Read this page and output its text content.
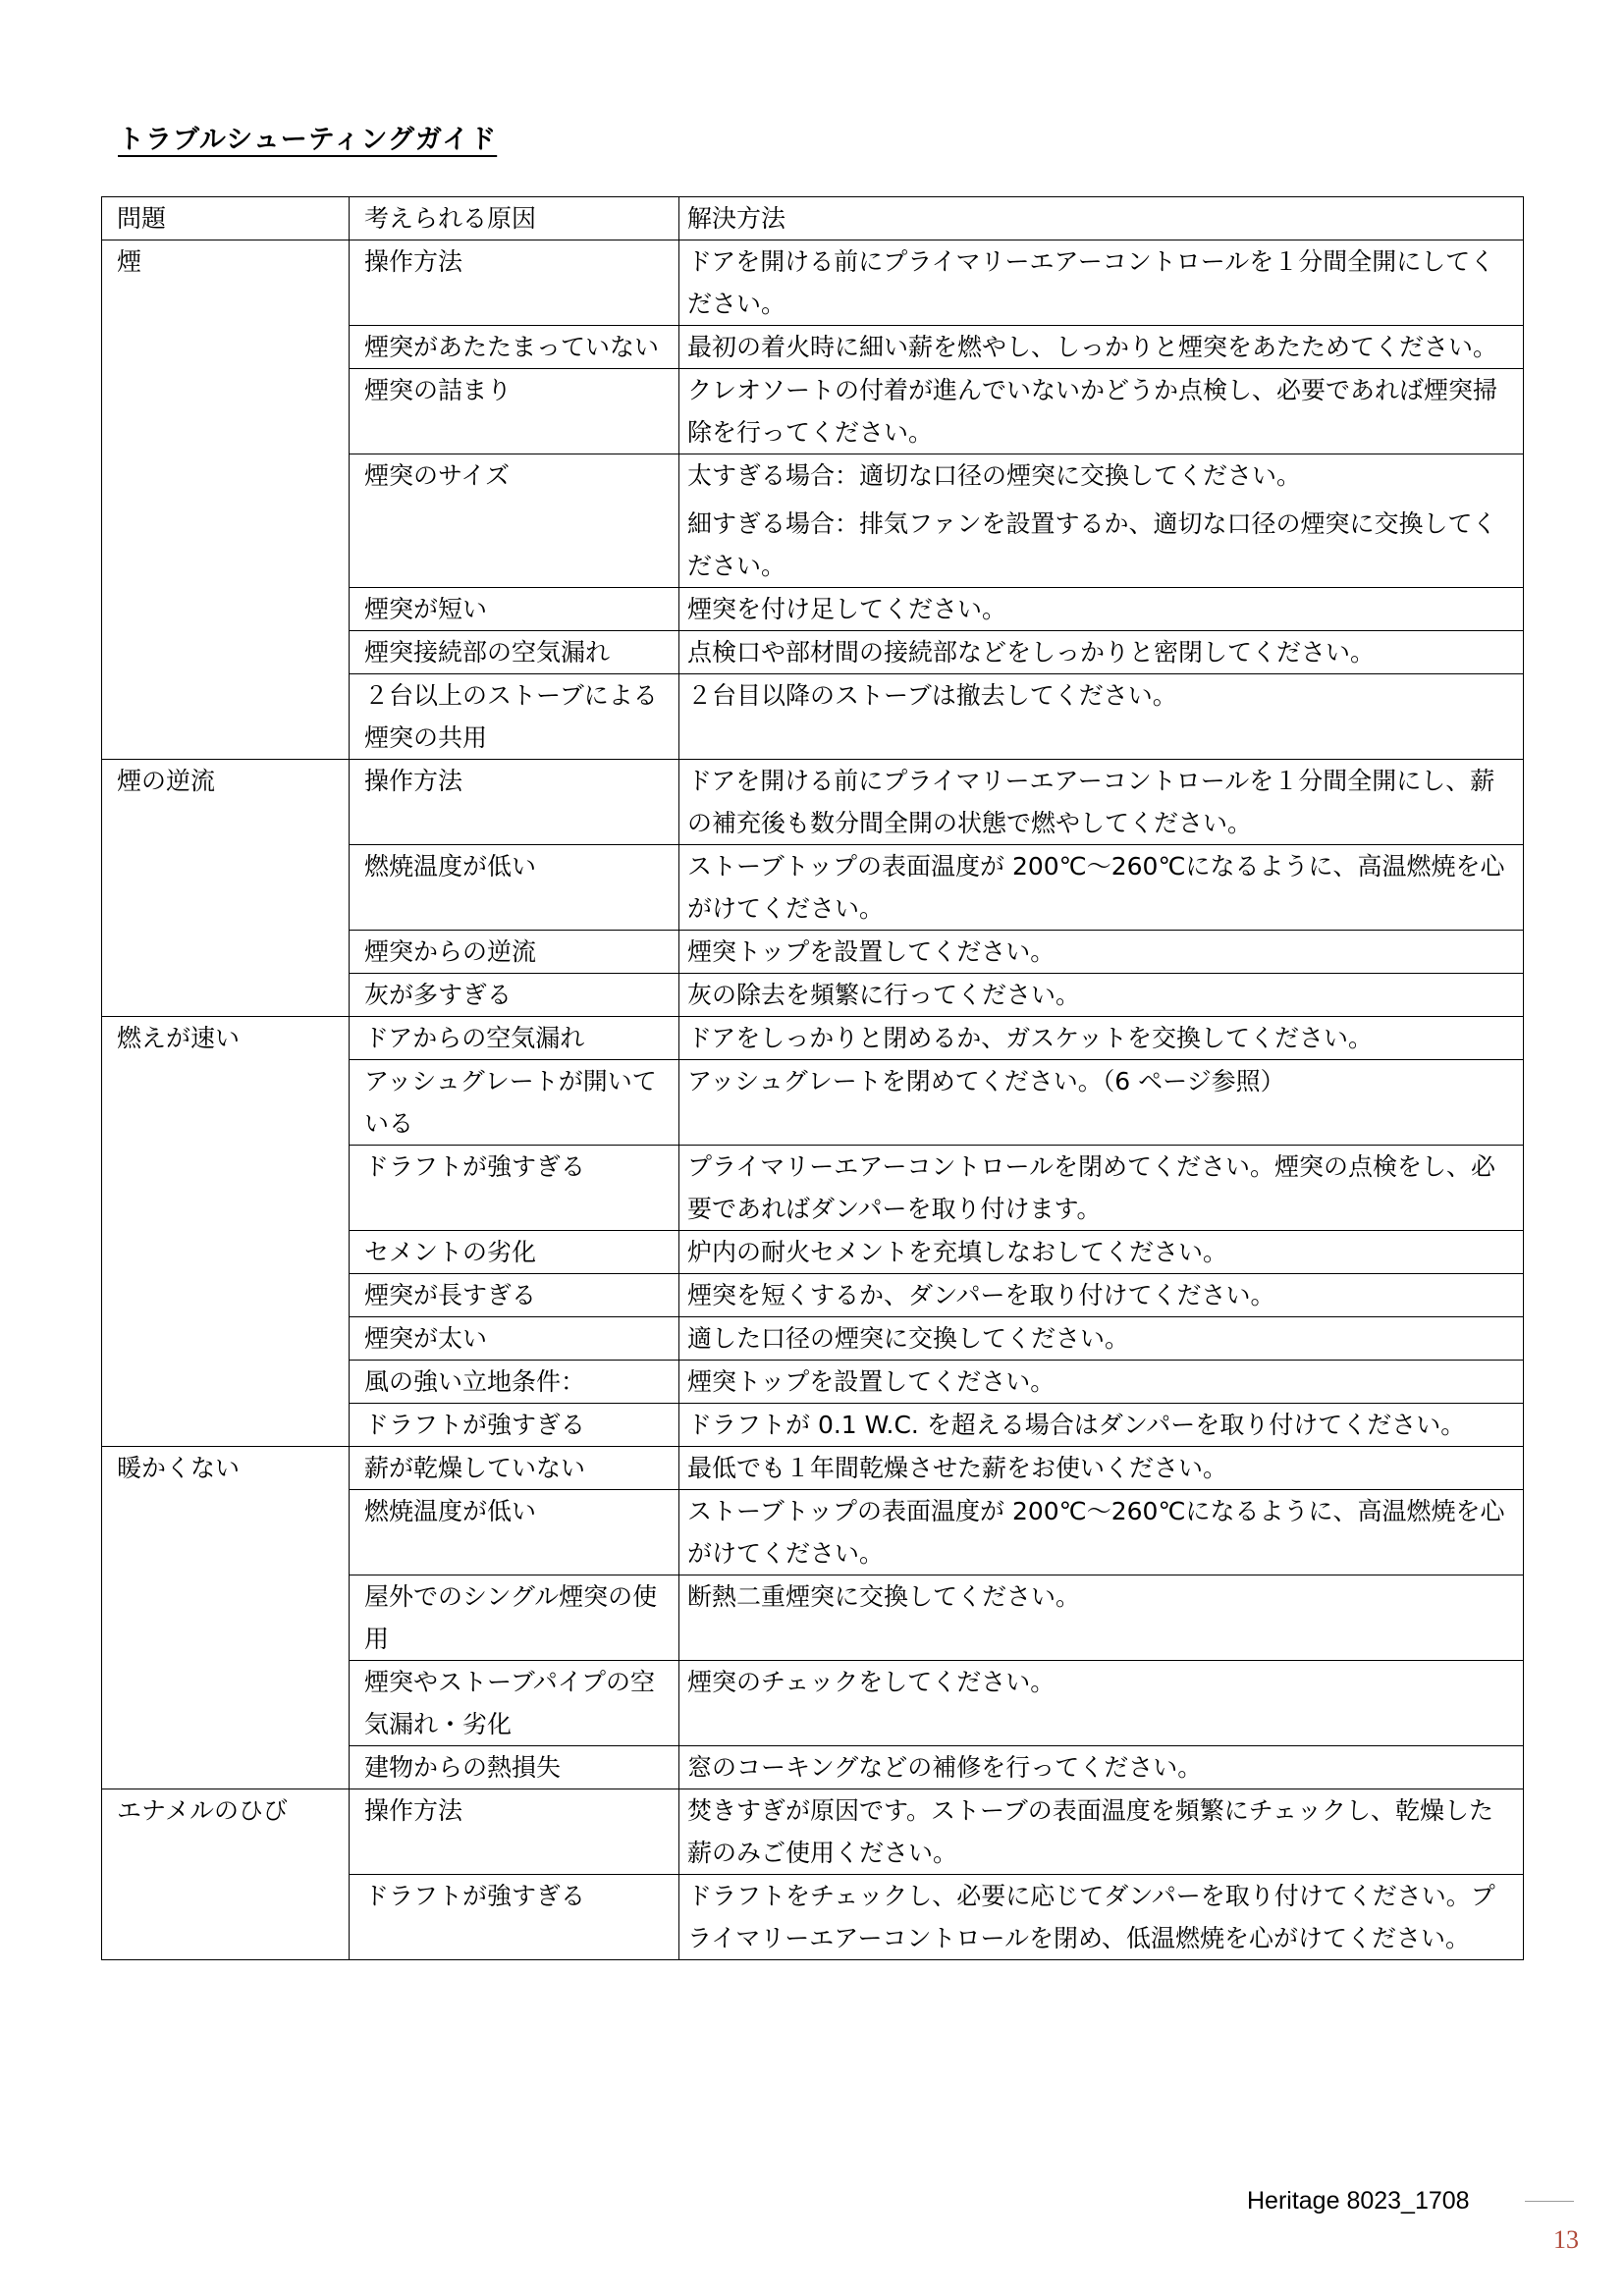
トラブルシューティングガイド
問題	考えられる原因	解決方法
煙	操作方法	ドアを開ける前にプライマリーエアーコントロールを１分間全開にしてください。
	煙突があたたまっていない	最初の着火時に細い薪を燃やし、しっかりと煙突をあたためてください。
	煙突の詰まり	クレオソートの付着が進んでいないかどうか点検し、必要であれば煙突掃除を行ってください。
	煙突のサイズ	太すぎる場合：適切な口径の煙突に交換してください。
細すぎる場合：排気ファンを設置するか、適切な口径の煙突に交換してください。
	煙突が短い	煙突を付け足してください。
	煙突接続部の空気漏れ	点検口や部材間の接続部などをしっかりと密閉してください。
	２台以上のストーブによる煙突の共用	２台目以降のストーブは撤去してください。
煙の逆流	操作方法	ドアを開ける前にプライマリーエアーコントロールを１分間全開にし、薪の補充後も数分間全開の状態で燃やしてください。
	燃焼温度が低い	ストーブトップの表面温度が 200℃～260℃になるように、高温燃焼を心がけてください。
	煙突からの逆流	煙突トップを設置してください。
	灰が多すぎる	灰の除去を頻繁に行ってください。
燃えが速い	ドアからの空気漏れ	ドアをしっかりと閉めるか、ガスケットを交換してください。
	アッシュグレートが開いている	アッシュグレートを閉めてください。（6 ページ参照）
	ドラフトが強すぎる	プライマリーエアーコントロールを閉めてください。煙突の点検をし、必要であればダンパーを取り付けます。
	セメントの劣化	炉内の耐火セメントを充填しなおしてください。
	煙突が長すぎる	煙突を短くするか、ダンパーを取り付けてください。
	煙突が太い	適した口径の煙突に交換してください。
	風の強い立地条件：	煙突トップを設置してください。
	ドラフトが強すぎる	ドラフトが 0.1 W.C. を超える場合はダンパーを取り付けてください。
暖かくない	薪が乾燥していない	最低でも１年間乾燥させた薪をお使いください。
	燃焼温度が低い	ストーブトップの表面温度が 200℃～260℃になるように、高温燃焼を心がけてください。
	屋外でのシングル煙突の使用	断熱二重煙突に交換してください。
	煙突やストーブパイプの空気漏れ・劣化	煙突のチェックをしてください。
	建物からの熱損失	窓のコーキングなどの補修を行ってください。
エナメルのひび	操作方法	焚きすぎが原因です。ストーブの表面温度を頻繁にチェックし、乾燥した薪のみご使用ください。
	ドラフトが強すぎる	ドラフトをチェックし、必要に応じてダンパーを取り付けてください。プライマリーエアーコントロールを閉め、低温燃焼を心がけてください。
Heritage 8023_1708
13
